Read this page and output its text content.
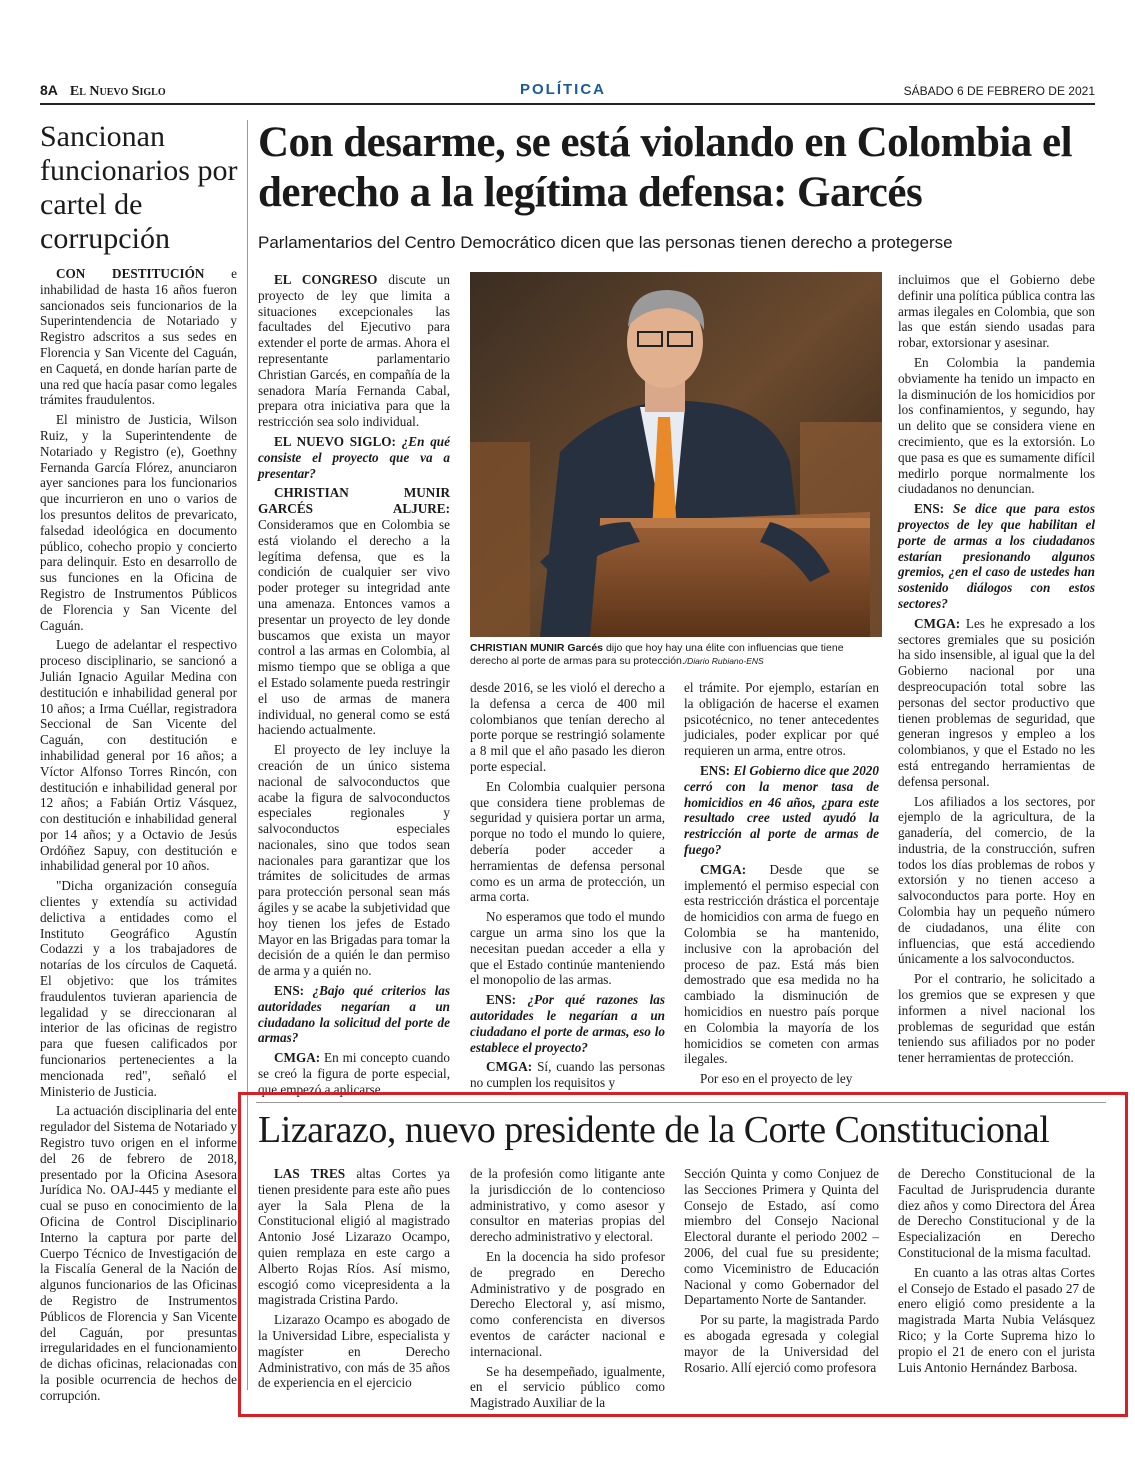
8A El Nuevo Siglo	POLÍTICA	SÁBADO 6 DE FEBRERO DE 2021
Sancionan funcionarios por cartel de corrupción

CON DESTITUCIÓN e inhabilidad de hasta 16 años fueron sancionados seis funcionarios de la Superintendencia de Notariado y Registro adscritos a sus sedes en Florencia y San Vicente del Caguán, en Caquetá, en donde harían parte de una red que hacía pasar como legales trámites fraudulentos.

El ministro de Justicia, Wilson Ruiz, y la Superintendente de Notariado y Registro (e), Goethny Fernanda García Flórez, anunciaron ayer sanciones para los funcionarios que incurrieron en uno o varios de los presuntos delitos de prevaricato, falsedad ideológica en documento público, cohecho propio y concierto para delinquir. Esto en desarrollo de sus funciones en la Oficina de Registro de Instrumentos Públicos de Florencia y San Vicente del Caguán.

Luego de adelantar el respectivo proceso disciplinario, se sancionó a Julián Ignacio Aguilar Medina con destitución e inhabilidad general por 10 años; a Irma Cuéllar, registradora Seccional de San Vicente del Caguán, con destitución e inhabilidad general por 16 años; a Víctor Alfonso Torres Rincón, con destitución e inhabilidad general por 12 años; a Fabián Ortiz Vásquez, con destitución e inhabilidad general por 14 años; y a Octavio de Jesús Ordóñez Sapuy, con destitución e inhabilidad general por 10 años.

"Dicha organización conseguía clientes y extendía su actividad delictiva a entidades como el Instituto Geográfico Agustín Codazzi y a los trabajadores de notarías de los círculos de Caquetá. El objetivo: que los trámites fraudulentos tuvieran apariencia de legalidad y se direccionaran al interior de las oficinas de registro para que fuesen calificados por funcionarios pertenecientes a la mencionada red", señaló el Ministerio de Justicia.

La actuación disciplinaria del ente regulador del Sistema de Notariado y Registro tuvo origen en el informe del 26 de febrero de 2018, presentado por la Oficina Asesora Jurídica No. OAJ-445 y mediante el cual se puso en conocimiento de la Oficina de Control Disciplinario Interno la captura por parte del Cuerpo Técnico de Investigación de la Fiscalía General de la Nación de algunos funcionarios de las Oficinas de Registro de Instrumentos Públicos de Florencia y San Vicente del Caguán, por presuntas irregularidades en el funcionamiento de dichas oficinas, relacionadas con la posible ocurrencia de hechos de corrupción.

Con desarme, se está violando en Colombia el derecho a la legítima defensa: Garcés
Parlamentarios del Centro Democrático dicen que las personas tienen derecho a protegerse

EL CONGRESO discute un proyecto de ley que limita a situaciones excepcionales las facultades del Ejecutivo para extender el porte de armas. Ahora el representante parlamentario Christian Garcés, en compañía de la senadora María Fernanda Cabal, prepara otra iniciativa para que la restricción sea solo individual.

EL NUEVO SIGLO: ¿En qué consiste el proyecto que va a presentar?

CHRISTIAN MUNIR GARCÉS ALJURE: Consideramos que en Colombia se está violando el derecho a la legítima defensa, que es la condición de cualquier ser vivo poder proteger su integridad ante una amenaza. Entonces vamos a presentar un proyecto de ley donde buscamos que exista un mayor control a las armas en Colombia, al mismo tiempo que se obliga a que el Estado solamente pueda restringir el uso de armas de manera individual, no general como se está haciendo actualmente.

El proyecto de ley incluye la creación de un único sistema nacional de salvoconductos que acabe la figura de salvoconductos especiales regionales y salvoconductos especiales nacionales, sino que todos sean nacionales para garantizar que los trámites de solicitudes de armas para protección personal sean más ágiles y se acabe la subjetividad que hoy tienen los jefes de Estado Mayor en las Brigadas para tomar la decisión de a quién le dan permiso de arma y a quién no.

ENS: ¿Bajo qué criterios las autoridades negarían a un ciudadano la solicitud del porte de armas?

CMGA: En mi concepto cuando se creó la figura de porte especial, que empezó a aplicarse

CHRISTIAN MUNIR Garcés dijo que hoy hay una élite con influencias que tiene derecho al porte de armas para su protección./Diario Rubiano-ENS

desde 2016, se les violó el derecho a la defensa a cerca de 400 mil colombianos que tenían derecho al porte porque se restringió solamente a 8 mil que el año pasado les dieron porte especial.

En Colombia cualquier persona que considera tiene problemas de seguridad y quisiera portar un arma, porque no todo el mundo lo quiere, debería poder acceder a herramientas de defensa personal como es un arma de protección, un arma corta.

No esperamos que todo el mundo cargue un arma sino los que la necesitan puedan acceder a ella y que el Estado continúe manteniendo el monopolio de las armas.

ENS: ¿Por qué razones las autoridades le negarían a un ciudadano el porte de armas, eso lo establece el proyecto?

CMGA: Sí, cuando las personas no cumplen los requisitos y

el trámite. Por ejemplo, estarían en la obligación de hacerse el examen psicotécnico, no tener antecedentes judiciales, poder explicar por qué requieren un arma, entre otros.

ENS: El Gobierno dice que 2020 cerró con la menor tasa de homicidios en 46 años, ¿para este resultado cree usted ayudó la restricción al porte de armas de fuego?

CMGA: Desde que se implementó el permiso especial con esta restricción drástica el porcentaje de homicidios con arma de fuego en Colombia se ha mantenido, inclusive con la aprobación del proceso de paz. Está más bien demostrado que esa medida no ha cambiado la disminución de homicidios en nuestro país porque en Colombia la mayoría de los homicidios se cometen con armas ilegales.

Por eso en el proyecto de ley

incluimos que el Gobierno debe definir una política pública contra las armas ilegales en Colombia, que son las que están siendo usadas para robar, extorsionar y asesinar.

En Colombia la pandemia obviamente ha tenido un impacto en la disminución de los homicidios por los confinamientos, y segundo, hay un delito que se considera viene en crecimiento, que es la extorsión. Lo que pasa es que es sumamente difícil medirlo porque normalmente los ciudadanos no denuncian.

ENS: Se dice que para estos proyectos de ley que habilitan el porte de armas a los ciudadanos estarían presionando algunos gremios, ¿en el caso de ustedes han sostenido diálogos con estos sectores?

CMGA: Les he expresado a los sectores gremiales que su posición ha sido insensible, al igual que la del Gobierno nacional por una despreocupación total sobre las personas del sector productivo que tienen problemas de seguridad, que generan ingresos y empleo a los colombianos, y que el Estado no les está entregando herramientas de defensa personal.

Los afiliados a los sectores, por ejemplo de la agricultura, de la ganadería, del comercio, de la industria, de la construcción, sufren todos los días problemas de robos y extorsión y no tienen acceso a salvoconductos para porte. Hoy en Colombia hay un pequeño número de ciudadanos, una élite con influencias, que está accediendo únicamente a los salvoconductos.

Por el contrario, he solicitado a los gremios que se expresen y que informen a nivel nacional los problemas de seguridad que están teniendo sus afiliados por no poder tener herramientas de protección.

Lizarazo, nuevo presidente de la Corte Constitucional

LAS TRES altas Cortes ya tienen presidente para este año pues ayer la Sala Plena de la Constitucional eligió al magistrado Antonio José Lizarazo Ocampo, quien remplaza en este cargo a Alberto Rojas Ríos. Así mismo, escogió como vicepresidenta a la magistrada Cristina Pardo.

Lizarazo Ocampo es abogado de la Universidad Libre, especialista y magíster en Derecho Administrativo, con más de 35 años de experiencia en el ejercicio

de la profesión como litigante ante la jurisdicción de lo contencioso administrativo, y como asesor y consultor en materias propias del derecho administrativo y electoral.

En la docencia ha sido profesor de pregrado en Derecho Administrativo y de posgrado en Derecho Electoral y, así mismo, como conferencista en diversos eventos de carácter nacional e internacional.

Se ha desempeñado, igualmente, en el servicio público como Magistrado Auxiliar de la

Sección Quinta y como Conjuez de las Secciones Primera y Quinta del Consejo de Estado, así como miembro del Consejo Nacional Electoral durante el periodo 2002 – 2006, del cual fue su presidente; como Viceministro de Educación Nacional y como Gobernador del Departamento Norte de Santander.

Por su parte, la magistrada Pardo es abogada egresada y colegial mayor de la Universidad del Rosario. Allí ejerció como profesora

de Derecho Constitucional de la Facultad de Jurisprudencia durante diez años y como Directora del Área de Derecho Constitucional y de la Especialización en Derecho Constitucional de la misma facultad.

En cuanto a las otras altas Cortes el Consejo de Estado el pasado 27 de enero eligió como presidente a la magistrada Marta Nubia Velásquez Rico; y la Corte Suprema hizo lo propio el 21 de enero con el jurista Luis Antonio Hernández Barbosa.
